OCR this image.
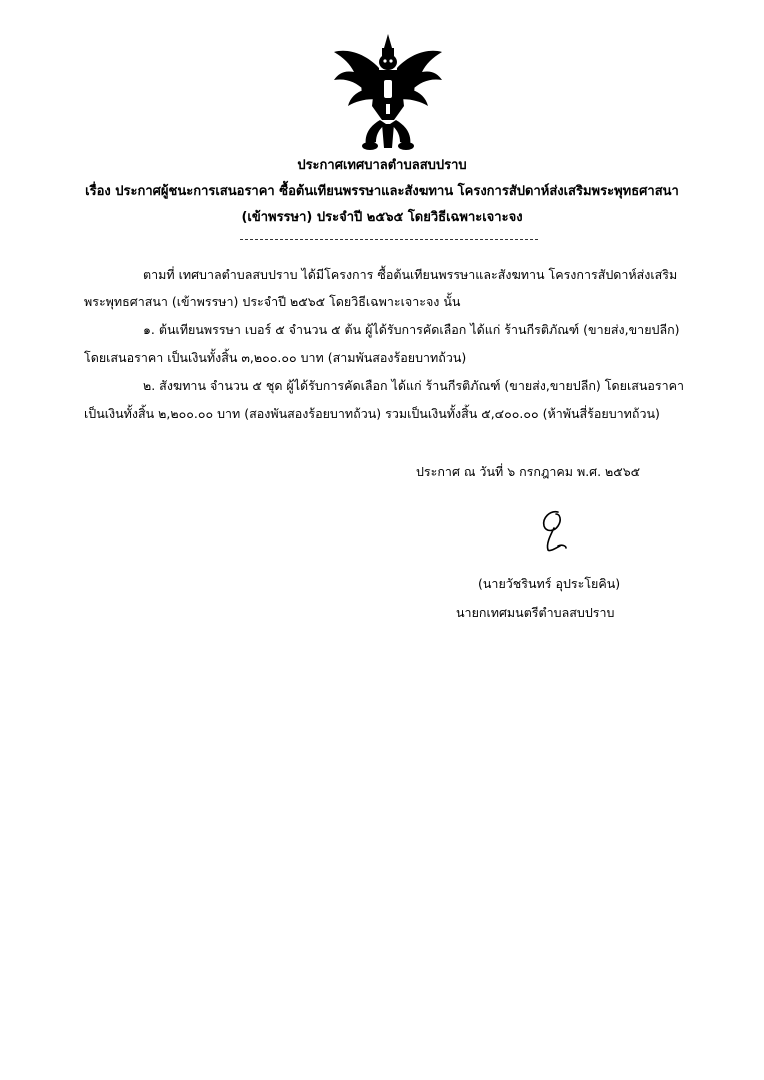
ประกาศเทศบาลตำบลสบปราบ
เรื่อง ประกาศผู้ชนะการเสนอราคา ซื้อต้นเทียนพรรษาและสังฆทาน โครงการสัปดาห์ส่งเสริมพระพุทธศาสนา
(เข้าพรรษา) ประจำปี ๒๕๖๕ โดยวิธีเฉพาะเจาะจง
ตามที่ เทศบาลตำบลสบปราบ ได้มีโครงการ ซื้อต้นเทียนพรรษาและสังฆทาน โครงการสัปดาห์ส่งเสริม
พระพุทธศาสนา (เข้าพรรษา) ประจำปี ๒๕๖๕ โดยวิธีเฉพาะเจาะจง นั้น
๑. ต้นเทียนพรรษา เบอร์ ๕ จำนวน ๕ ต้น ผู้ได้รับการคัดเลือก ได้แก่ ร้านกีรติภัณฑ์ (ขายส่ง,ขายปลีก)
โดยเสนอราคา เป็นเงินทั้งสิ้น ๓,๒๐๐.๐๐ บาท (สามพันสองร้อยบาทถ้วน)
๒. สังฆทาน จำนวน ๕ ชุด ผู้ได้รับการคัดเลือก ได้แก่ ร้านกีรติภัณฑ์ (ขายส่ง,ขายปลีก) โดยเสนอราคา
เป็นเงินทั้งสิ้น ๒,๒๐๐.๐๐ บาท (สองพันสองร้อยบาทถ้วน) รวมเป็นเงินทั้งสิ้น ๕,๔๐๐.๐๐ (ห้าพันสี่ร้อยบาทถ้วน)
ประกาศ ณ วันที่ ๖ กรกฎาคม พ.ศ. ๒๕๖๕
(นายวัชรินทร์ อุประโยคิน)
นายกเทศมนตรีตำบลสบปราบ
